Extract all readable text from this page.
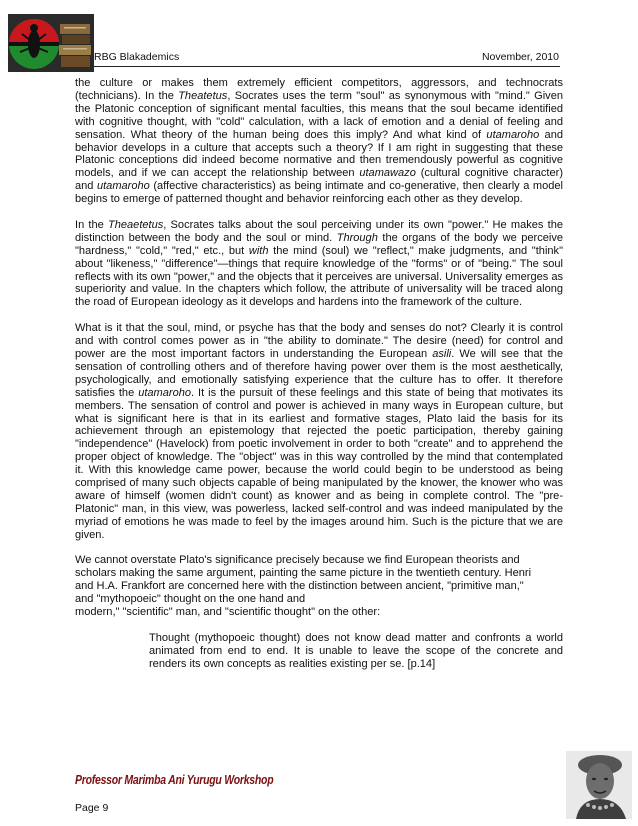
RBG Blakademics	November, 2010

the culture or makes them extremely efficient competitors, aggressors, and technocrats (technicians). In the Theatetus, Socrates uses the term "soul" as synonymous with "mind." Given the Platonic conception of significant mental faculties, this means that the soul became identified with cognitive thought, with "cold" calculation, with a lack of emotion and a denial of feeling and sensation. What theory of the human being does this imply? And what kind of utamaroho and behavior develops in a culture that accepts such a theory? If I am right in suggesting that these Platonic conceptions did indeed become normative and then tremendously powerful as cognitive models, and if we can accept the relationship between utamawazo (cultural cognitive character) and utamaroho (affective characteristics) as being intimate and co-generative, then clearly a model begins to emerge of patterned thought and behavior reinforcing each other as they develop.

In the Theaetetus, Socrates talks about the soul perceiving under its own "power." He makes the distinction between the body and the soul or mind. Through the organs of the body we perceive "hardness," "cold," "red," etc., but with the mind (soul) we "reflect," make judgments, and "think" about "likeness," "difference"—things that require knowledge of the "forms" or of "being." The soul reflects with its own "power," and the objects that it perceives are universal. Universality emerges as superiority and value. In the chapters which follow, the attribute of universality will be traced along the road of European ideology as it develops and hardens into the framework of the culture.

What is it that the soul, mind, or psyche has that the body and senses do not? Clearly it is control and with control comes power as in "the ability to dominate." The desire (need) for control and power are the most important factors in understanding the European asili. We will see that the sensation of controlling others and of therefore having power over them is the most aesthetically, psychologically, and emotionally satisfying experience that the culture has to offer. It therefore satisfies the utamaroho. It is the pursuit of these feelings and this state of being that motivates its members. The sensation of control and power is achieved in many ways in European culture, but what is significant here is that in its earliest and formative stages, Plato laid the basis for its achievement through an epistemology that rejected the poetic participation, thereby gaining "independence" (Havelock) from poetic involvement in order to both "create" and to apprehend the proper object of knowledge. The "object" was in this way controlled by the mind that contemplated it. With this knowledge came power, because the world could begin to be understood as being comprised of many such objects capable of being manipulated by the knower, the knower who was aware of himself (women didn't count) as knower and as being in complete control. The "pre-Platonic" man, in this view, was powerless, lacked self-control and was indeed manipulated by the myriad of emotions he was made to feel by the images around him. Such is the picture that we are given.

We cannot overstate Plato's significance precisely because we find European theorists and
scholars making the same argument, painting the same picture in the twentieth century. Henri
and H.A. Frankfort are concerned here with the distinction between ancient, "primitive man,"
and "mythopoeic" thought on the one hand and
modern," "scientific" man, and "scientific thought" on the other:

Thought (mythopoeic thought) does not know dead matter and confronts a world animated from end to end. It is unable to leave the scope of the concrete and renders its own concepts as realities existing per se. [p.14]

Professor Marimba Ani Yurugu Workshop
Page 9
